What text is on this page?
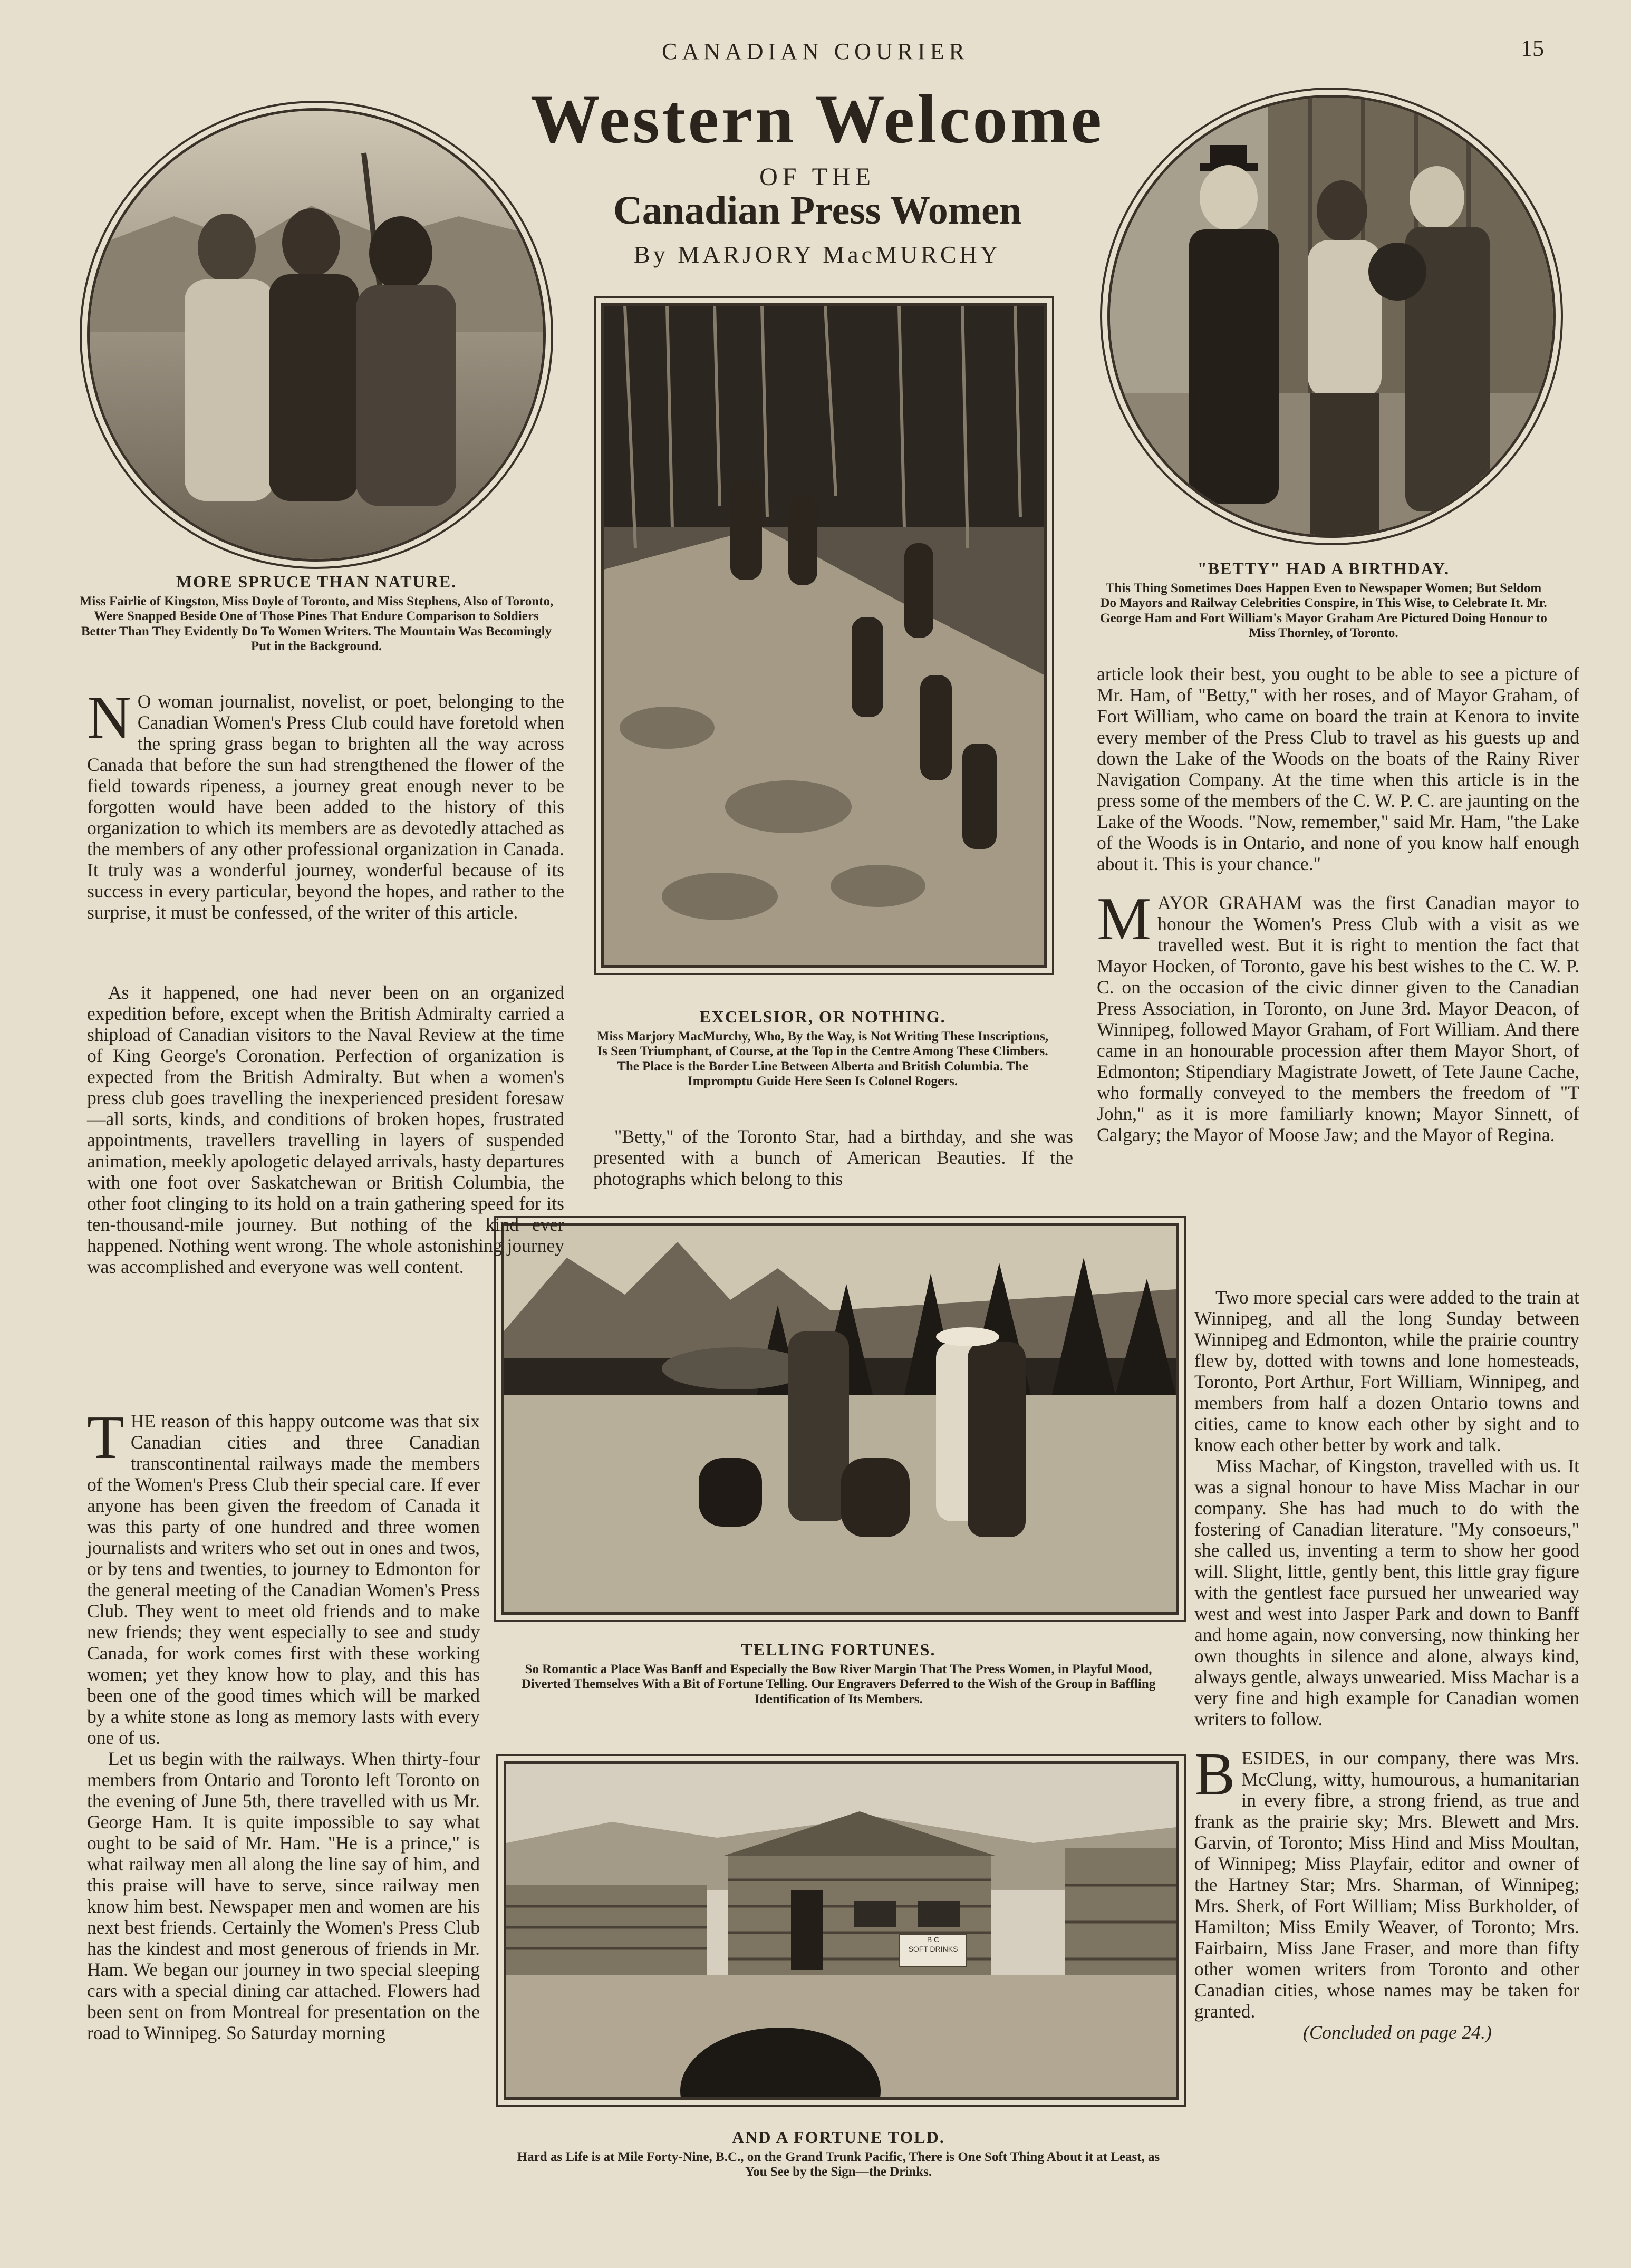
CANADIAN COURIER	15
Western Welcome
OF THE
Canadian Press Women
By MARJORY MacMURCHY
MORE SPRUCE THAN NATURE.
Miss Fairlie of Kingston, Miss Doyle of Toronto, and Miss Stephens, Also of Toronto, Were Snapped Beside One of Those Pines That Endure Comparison to Soldiers Better Than They Evidently Do To Women Writers. The Mountain Was Becomingly Put in the Background.
EXCELSIOR, OR NOTHING.
Miss Marjory MacMurchy, Who, By the Way, is Not Writing These Inscriptions, Is Seen Triumphant, of Course, at the Top in the Centre Among These Climbers. The Place is the Border Line Between Alberta and British Columbia. The Impromptu Guide Here Seen Is Colonel Rogers.
"BETTY" HAD A BIRTHDAY.
This Thing Sometimes Does Happen Even to Newspaper Women; But Seldom Do Mayors and Railway Celebrities Conspire, in This Wise, to Celebrate It. Mr. George Ham and Fort William's Mayor Graham Are Pictured Doing Honour to Miss Thornley, of Toronto.
TELLING FORTUNES.
So Romantic a Place Was Banff and Especially the Bow River Margin That The Press Women, in Playful Mood, Diverted Themselves With a Bit of Fortune Telling. Our Engravers Deferred to the Wish of the Group in Baffling Identification of Its Members.
B C
SOFT DRINKS
AND A FORTUNE TOLD.
Hard as Life is at Mile Forty-Nine, B.C., on the Grand Trunk Pacific, There is One Soft Thing About it at Least, as You See by the Sign—the Drinks.

N O woman journalist, novelist, or poet, belonging to the Canadian Women's Press Club could have foretold when the spring grass began to brighten all the way across Canada that before the sun had strengthened the flower of the field towards ripeness, a journey great enough never to be forgotten would have been added to the history of this organization to which its members are as devotedly attached as the members of any other professional organization in Canada. It truly was a wonderful journey, wonderful because of its success in every particular, beyond the hopes, and rather to the surprise, it must be confessed, of the writer of this article.

As it happened, one had never been on an organized expedition before, except when the British Admiralty carried a shipload of Canadian visitors to the Naval Review at the time of King George's Coronation. Perfection of organization is expected from the British Admiralty. But when a women's press club goes travelling the inexperienced president foresaw—all sorts, kinds, and conditions of broken hopes, frustrated appointments, travellers travelling in layers of suspended animation, meekly apologetic delayed arrivals, hasty departures with one foot over Saskatchewan or British Columbia, the other foot clinging to its hold on a train gathering speed for its ten-thousand-mile journey. But nothing of the kind ever happened. Nothing went wrong. The whole astonishing journey was accomplished and everyone was well content.

THE reason of this happy outcome was that six Canadian cities and three Canadian transcontinental railways made the members of the Women's Press Club their special care. If ever anyone has been given the freedom of Canada it was this party of one hundred and three women journalists and writers who set out in ones and twos, or by tens and twenties, to journey to Edmonton for the general meeting of the Canadian Women's Press Club. They went to meet old friends and to make new friends; they went especially to see and study Canada, for work comes first with these working women; yet they know how to play, and this has been one of the good times which will be marked by a white stone as long as memory lasts with every one of us.

Let us begin with the railways. When thirty-four members from Ontario and Toronto left Toronto on the evening of June 5th, there travelled with us Mr. George Ham. It is quite impossible to say what ought to be said of Mr. Ham. "He is a prince," is what railway men all along the line say of him, and this praise will have to serve, since railway men know him best. Newspaper men and women are his next best friends. Certainly the Women's Press Club has the kindest and most generous of friends in Mr. Ham. We began our journey in two special sleeping cars with a special dining car attached. Flowers had been sent on from Montreal for presentation on the road to Winnipeg. So Saturday morning

"Betty," of the Toronto Star, had a birthday, and she was presented with a bunch of American Beauties. If the photographs which belong to this

article look their best, you ought to be able to see a picture of Mr. Ham, of "Betty," with her roses, and of Mayor Graham, of Fort William, who came on board the train at Kenora to invite every member of the Press Club to travel as his guests up and down the Lake of the Woods on the boats of the Rainy River Navigation Company. At the time when this article is in the press some of the members of the C. W. P. C. are jaunting on the Lake of the Woods. "Now, remember," said Mr. Ham, "the Lake of the Woods is in Ontario, and none of you know half enough about it. This is your chance."

MAYOR GRAHAM was the first Canadian mayor to honour the Women's Press Club with a visit as we travelled west. But it is right to mention the fact that Mayor Hocken, of Toronto, gave his best wishes to the C. W. P. C. on the occasion of the civic dinner given to the Canadian Press Association, in Toronto, on June 3rd. Mayor Deacon, of Winnipeg, followed Mayor Graham, of Fort William. And there came in an honourable procession after them Mayor Short, of Edmonton; Stipendiary Magistrate Jowett, of Tete Jaune Cache, who formally conveyed to the members the freedom of "T John," as it is more familiarly known; Mayor Sinnett, of Calgary; the Mayor of Moose Jaw; and the Mayor of Regina.

Two more special cars were added to the train at Winnipeg, and all the long Sunday between Winnipeg and Edmonton, while the prairie country flew by, dotted with towns and lone homesteads, Toronto, Port Arthur, Fort William, Winnipeg, and members from half a dozen Ontario towns and cities, came to know each other by sight and to know each other better by work and talk.

Miss Machar, of Kingston, travelled with us. It was a signal honour to have Miss Machar in our company. She has had much to do with the fostering of Canadian literature. "My consoeurs," she called us, inventing a term to show her good will. Slight, little, gently bent, this little gray figure with the gentlest face pursued her unwearied way west and west into Jasper Park and down to Banff and home again, now conversing, now thinking her own thoughts in silence and alone, always kind, always gentle, always unwearied. Miss Machar is a very fine and high example for Canadian women writers to follow.

BESIDES, in our company, there was Mrs. McClung, witty, humourous, a humanitarian in every fibre, a strong friend, as true and frank as the prairie sky; Mrs. Blewett and Mrs. Garvin, of Toronto; Miss Hind and Miss Moultan, of Winnipeg; Miss Playfair, editor and owner of the Hartney Star; Mrs. Sharman, of Winnipeg; Mrs. Sherk, of Fort William; Miss Burkholder, of Hamilton; Miss Emily Weaver, of Toronto; Mrs. Fairbairn, Miss Jane Fraser, and more than fifty other women writers from Toronto and other Canadian cities, whose names may be taken for granted.

(Concluded on page 24.)
